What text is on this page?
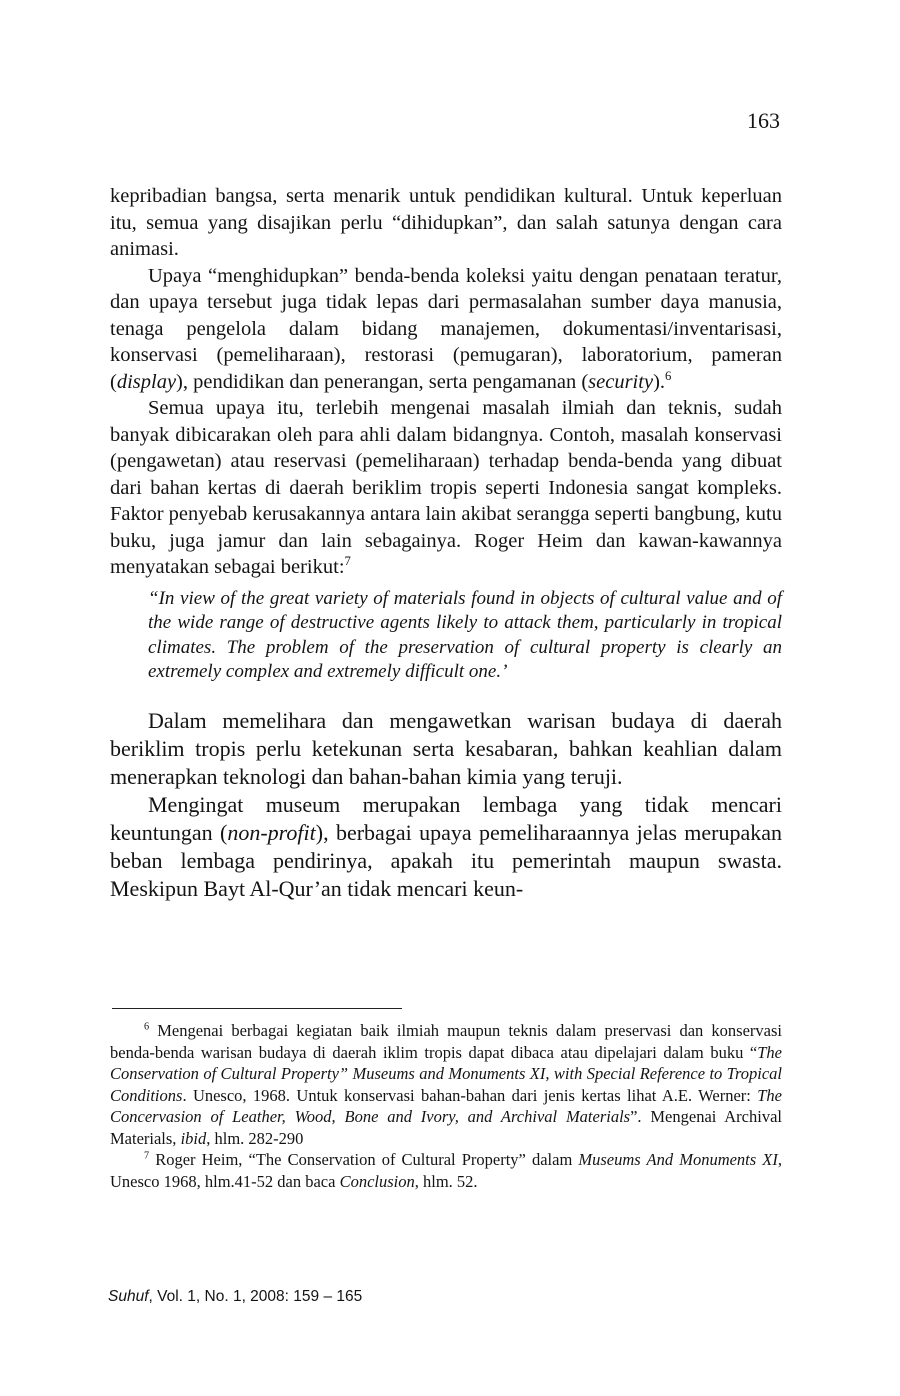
163

kepribadian bangsa, serta menarik untuk pendidikan kultural. Untuk keperluan itu, semua yang disajikan perlu “dihidupkan”, dan salah satunya dengan cara animasi.

Upaya “menghidupkan” benda-benda koleksi yaitu dengan penataan teratur, dan upaya tersebut juga tidak lepas dari permasalahan sumber daya manusia, tenaga pengelola dalam bidang manajemen, dokumentasi/inventarisasi, konservasi (pemeliharaan), restorasi (pemugaran), laboratorium, pameran (display), pendidikan dan penerangan, serta pengamanan (security).$^6$

Semua upaya itu, terlebih mengenai masalah ilmiah dan teknis, sudah banyak dibicarakan oleh para ahli dalam bidangnya. Contoh, masalah konservasi (pengawetan) atau reservasi (pemeliharaan) terhadap benda-benda yang dibuat dari bahan kertas di daerah beriklim tropis seperti Indonesia sangat kompleks. Faktor penyebab kerusakannya antara lain akibat serangga seperti bangbung, kutu buku, juga jamur dan lain sebagainya. Roger Heim dan kawan-kawannya menyatakan sebagai berikut:$^7$

“In view of the great variety of materials found in objects of cultural value and of the wide range of destructive agents likely to attack them, particularly in tropical climates. The problem of the preservation of cultural property is clearly an extremely complex and extremely difficult one.’

Dalam memelihara dan mengawetkan warisan budaya di daerah beriklim tropis perlu ketekunan serta kesabaran, bahkan keahlian dalam menerapkan teknologi dan bahan-bahan kimia yang teruji.

Mengingat museum merupakan lembaga yang tidak mencari keuntungan (non-profit), berbagai upaya pemeliharaannya jelas merupakan beban lembaga pendirinya, apakah itu pemerintah maupun swasta. Meskipun Bayt Al-Qur’an tidak mencari keun-

$^6$ Mengenai berbagai kegiatan baik ilmiah maupun teknis dalam preservasi dan konservasi benda-benda warisan budaya di daerah iklim tropis dapat dibaca atau dipelajari dalam buku “The Conservation of Cultural Property” Museums and Monuments XI, with Special Reference to Tropical Conditions. Unesco, 1968. Untuk konservasi bahan-bahan dari jenis kertas lihat A.E. Werner: The Concervasion of Leather, Wood, Bone and Ivory, and Archival Materials”. Mengenai Archival Materials, ibid, hlm. 282-290

$^7$ Roger Heim, “The Conservation of Cultural Property” dalam Museums And Monuments XI, Unesco 1968, hlm.41-52 dan baca Conclusion, hlm. 52.

Suhuf, Vol. 1, No. 1, 2008: 159 – 165
